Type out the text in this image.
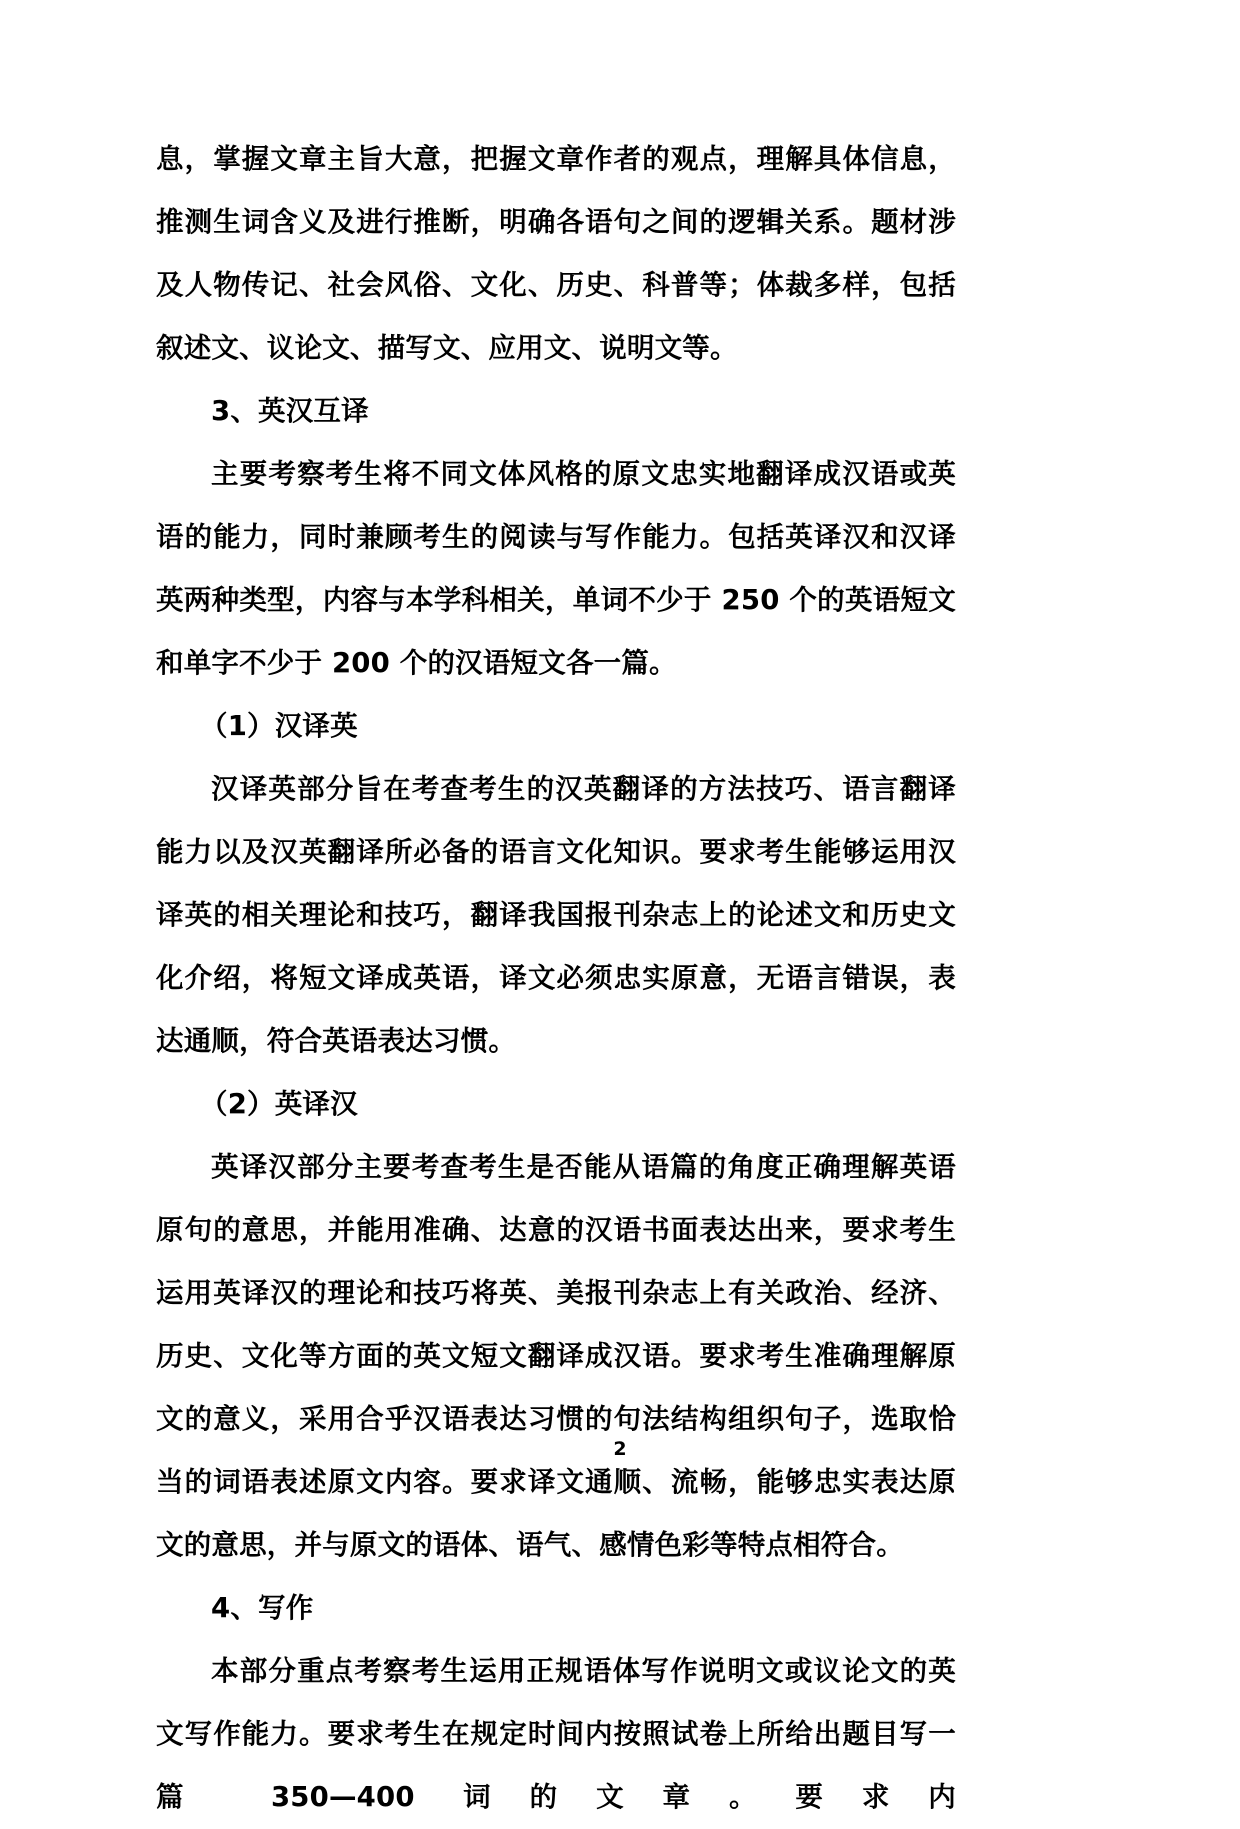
息，掌握文章主旨大意，把握文章作者的观点，理解具体信息，推测生词含义及进行推断，明确各语句之间的逻辑关系。题材涉及人物传记、社会风俗、文化、历史、科普等；体裁多样，包括叙述文、议论文、描写文、应用文、说明文等。

3、英汉互译

主要考察考生将不同文体风格的原文忠实地翻译成汉语或英语的能力，同时兼顾考生的阅读与写作能力。包括英译汉和汉译英两种类型，内容与本学科相关，单词不少于 250 个的英语短文和单字不少于 200 个的汉语短文各一篇。

（1）汉译英

汉译英部分旨在考查考生的汉英翻译的方法技巧、语言翻译能力以及汉英翻译所必备的语言文化知识。要求考生能够运用汉译英的相关理论和技巧，翻译我国报刊杂志上的论述文和历史文化介绍，将短文译成英语，译文必须忠实原意，无语言错误，表达通顺，符合英语表达习惯。

（2）英译汉

英译汉部分主要考查考生是否能从语篇的角度正确理解英语原句的意思，并能用准确、达意的汉语书面表达出来，要求考生运用英译汉的理论和技巧将英、美报刊杂志上有关政治、经济、历史、文化等方面的英文短文翻译成汉语。要求考生准确理解原文的意义，采用合乎汉语表达习惯的句法结构组织句子，选取恰当的词语表述原文内容。要求译文通顺、流畅，能够忠实表达原文的意思，并与原文的语体、语气、感情色彩等特点相符合。

4、写作

本部分重点考察考生运用正规语体写作说明文或议论文的英文写作能力。要求考生在规定时间内按照试卷上所给出题目写一篇 350—400 词的文章。要求内

2
